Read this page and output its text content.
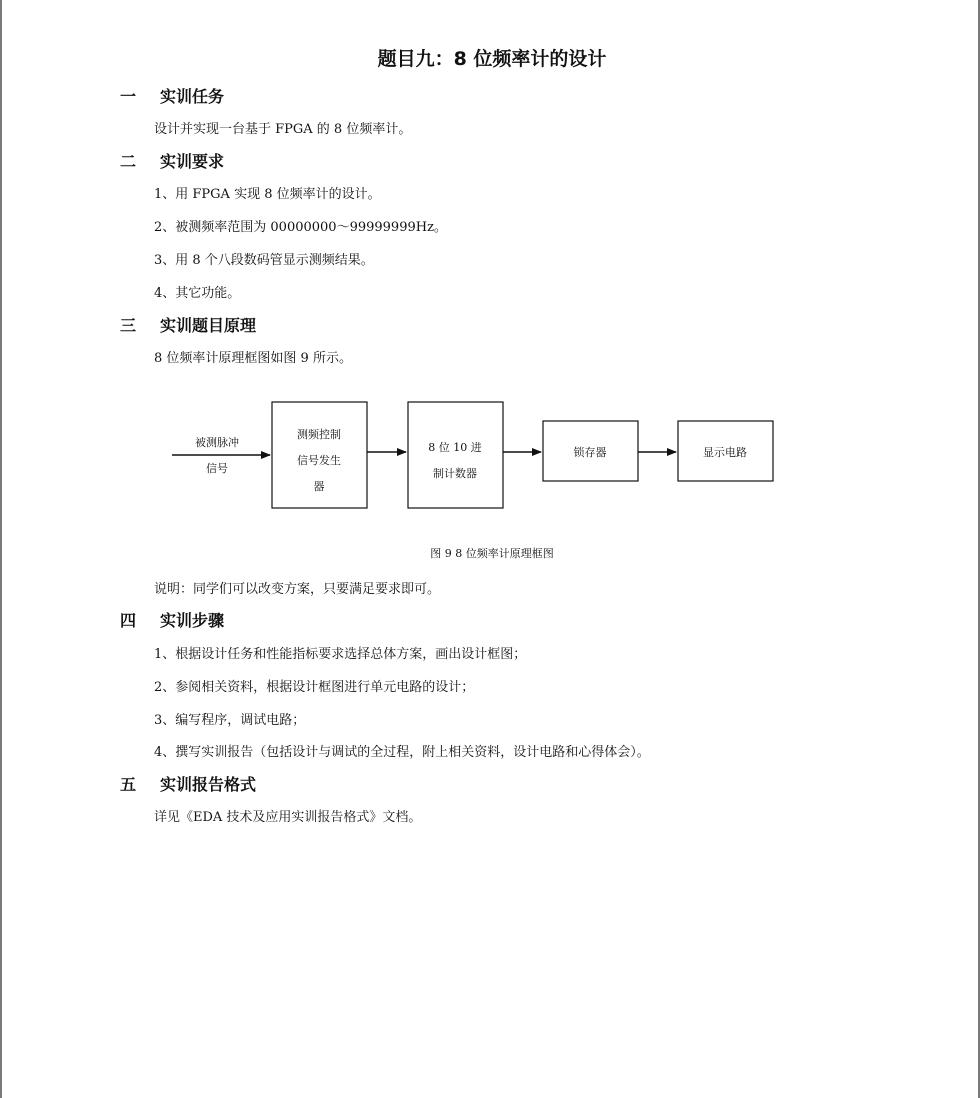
题目九：8 位频率计的设计
一 实训任务
设计并实现一台基于 FPGA 的 8 位频率计。
二 实训要求
1、用 FPGA 实现 8 位频率计的设计。
2、被测频率范围为 00000000～99999999Hz。
3、用 8 个八段数码管显示测频结果。
4、其它功能。
三 实训题目原理
8 位频率计原理框图如图 9 所示。
被测脉冲
信号
测频控制
信号发生
器
8 位 10 进
制计数器
锁存器	显示电路
图 9 8 位频率计原理框图
说明：同学们可以改变方案，只要满足要求即可。
四 实训步骤
1、根据设计任务和性能指标要求选择总体方案，画出设计框图；
2、参阅相关资料，根据设计框图进行单元电路的设计；
3、编写程序，调试电路；
4、撰写实训报告（包括设计与调试的全过程，附上相关资料，设计电路和心得体会）。
五 实训报告格式
详见《EDA 技术及应用实训报告格式》文档。
